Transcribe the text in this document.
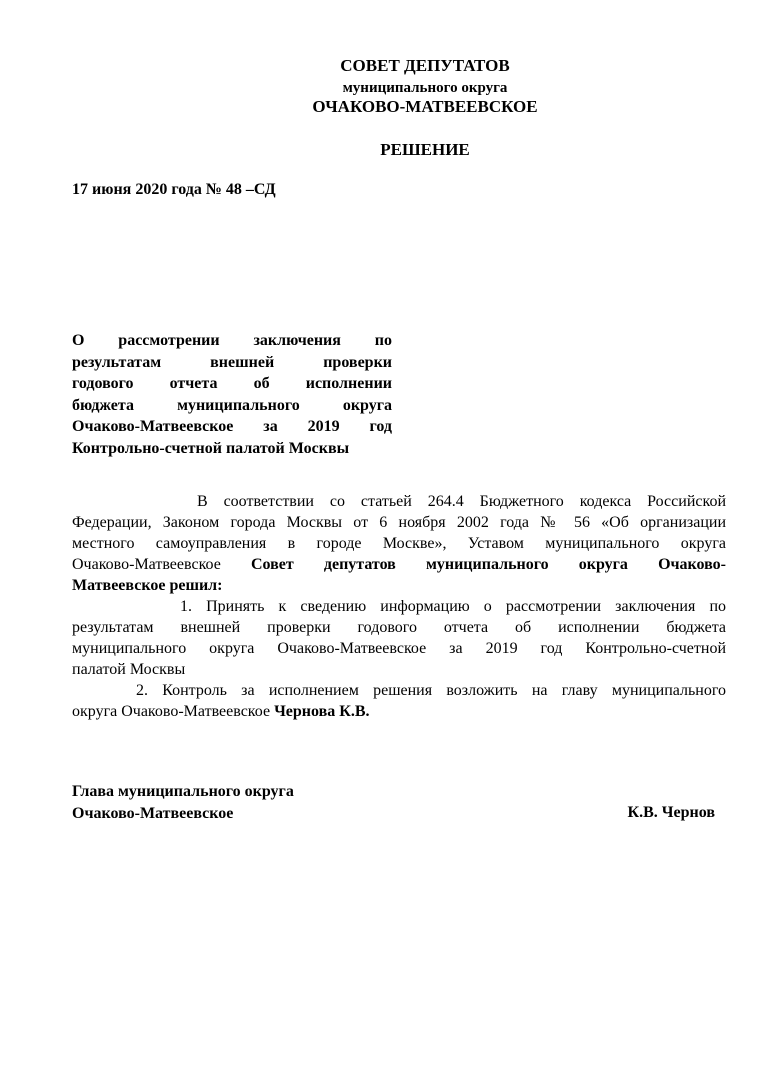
СОВЕТ ДЕПУТАТОВ
муниципального округа
ОЧАКОВО-МАТВЕЕВСКОЕ
РЕШЕНИЕ
17 июня 2020 года № 48 –СД
О рассмотрении заключения по
результатам внешней проверки
годового отчета об исполнении
бюджета муниципального округа
Очаково-Матвеевское за 2019 год
Контрольно-счетной палатой Москвы
В соответствии со статьей 264.4 Бюджетного кодекса Российской
Федерации, Законом города Москвы от 6 ноября 2002 года № 56 «Об организации
местного самоуправления в городе Москве», Уставом муниципального округа
Очаково-Матвеевское Совет депутатов муниципального округа Очаково-
Матвеевское решил:
1. Принять к сведению информацию о рассмотрении заключения по
результатам внешней проверки годового отчета об исполнении бюджета
муниципального округа Очаково-Матвеевское за 2019 год Контрольно-счетной
палатой Москвы
2. Контроль за исполнением решения возложить на главу муниципального
округа Очаково-Матвеевское Чернова К.В.
Глава муниципального округа
Очаково-Матвеевское	К.В. Чернов
